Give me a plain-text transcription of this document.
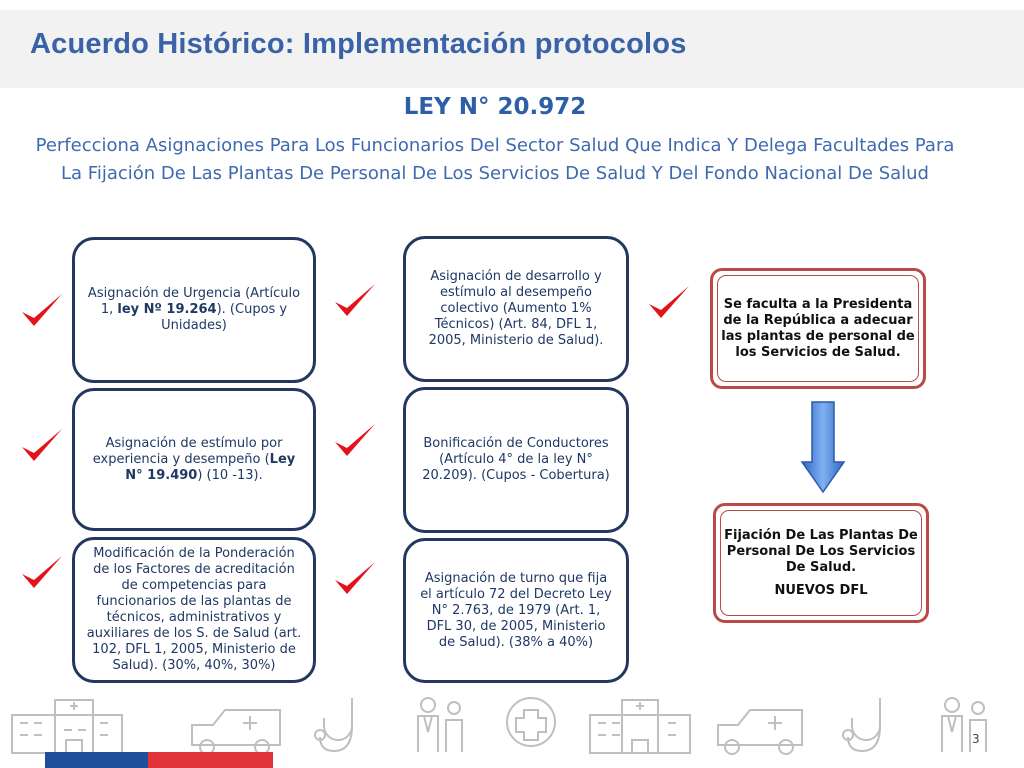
Acuerdo Histórico: Implementación protocolos
LEY N° 20.972
Perfecciona Asignaciones Para Los Funcionarios Del Sector Salud Que Indica Y Delega Facultades Para La Fijación De Las Plantas De Personal De Los Servicios De Salud Y Del Fondo Nacional De Salud
Asignación de Urgencia (Artículo 1, ley Nº 19.264). (Cupos y Unidades)
Asignación de estímulo por experiencia y desempeño (Ley N° 19.490) (10 -13).
Modificación de la Ponderación de los Factores de acreditación de competencias para funcionarios de las plantas de técnicos, administrativos y auxiliares de los S. de Salud (art. 102, DFL 1, 2005, Ministerio de Salud). (30%, 40%, 30%)
Asignación de desarrollo y estímulo al desempeño colectivo (Aumento 1% Técnicos) (Art. 84, DFL 1, 2005, Ministerio de Salud).
Bonificación de Conductores (Artículo 4° de la ley N° 20.209). (Cupos - Cobertura)
Asignación de turno que fija el artículo 72 del Decreto Ley N° 2.763, de 1979 (Art. 1, DFL 30, de 2005, Ministerio de Salud). (38% a 40%)
Se faculta a la Presidenta de la República a adecuar las plantas de personal de los Servicios de Salud.
Fijación De Las Plantas De Personal De Los Servicios De Salud.
NUEVOS DFL
3
